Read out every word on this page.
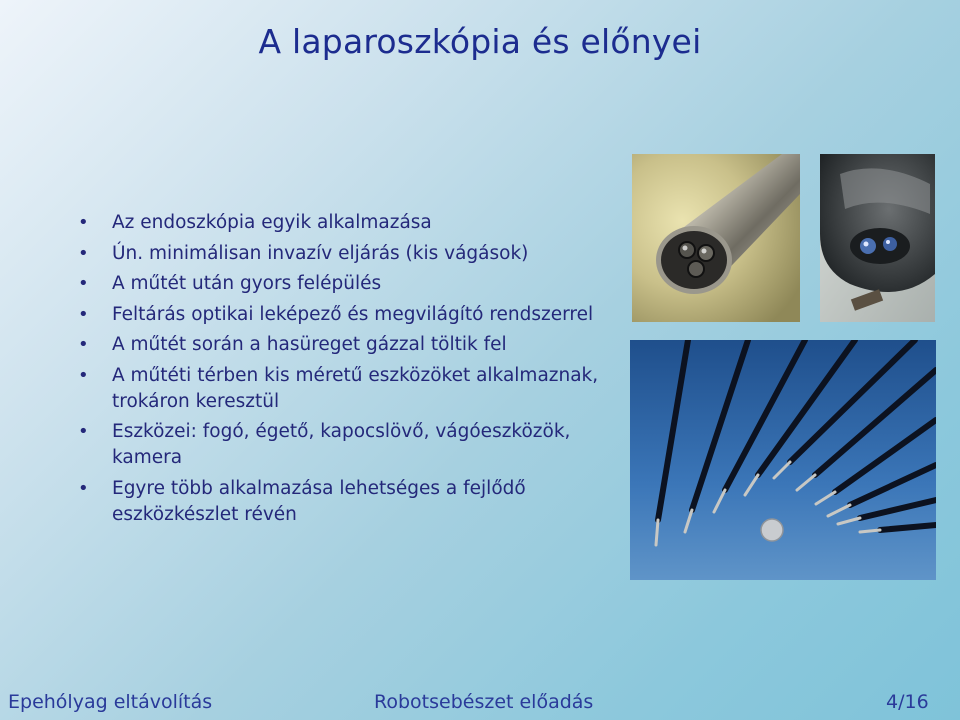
A laparoszkópia és előnyei
• Az endoszkópia egyik alkalmazása
• Ún. minimálisan invazív eljárás (kis vágások)
• A műtét után gyors felépülés
• Feltárás optikai leképező és megvilágító rendszerrel
• A műtét során a hasüreget gázzal töltik fel
• A műtéti térben kis méretű eszközöket alkalmaznak, trokáron keresztül
• Eszközei: fogó, égető, kapocslövő, vágóeszközök, kamera
• Egyre több alkalmazása lehetséges a fejlődő eszközkészlet révén
Epehólyag eltávolítás	Robotsebészet előadás	4/16
